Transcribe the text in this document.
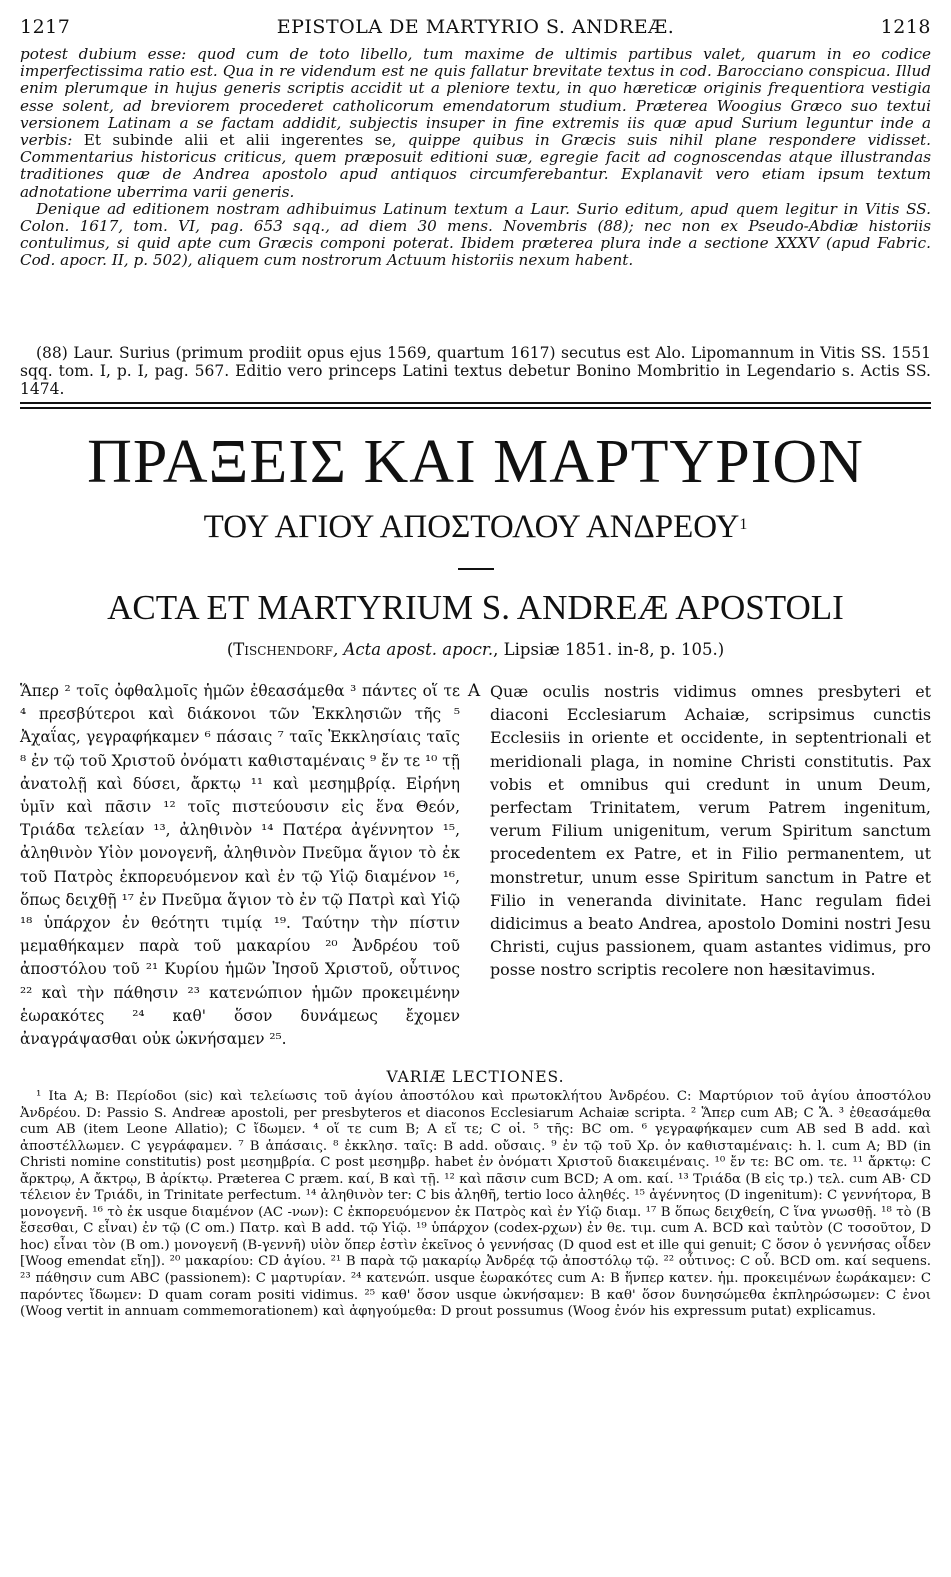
1217	EPISTOLA DE MARTYRIO S. ANDREÆ.	1218

potest dubium esse: quod cum de toto libello, tum maxime de ultimis partibus valet, quarum in eo codice imperfectissima ratio est. Qua in re videndum est ne quis fallatur brevitate textus in cod. Barocciano conspicua. Illud enim plerumque in hujus generis scriptis accidit ut a pleniore textu, in quo hæreticæ originis frequentiora vestigia esse solent, ad breviorem procederet catholicorum emendatorum studium. Præterea Woogius Græco suo textui versionem Latinam a se factam addidit, subjectis insuper in fine extremis iis quæ apud Surium leguntur inde a verbis: Et subinde alii et alii ingerentes se, quippe quibus in Græcis suis nihil plane respondere vidisset. Commentarius historicus criticus, quem præposuit editioni suæ, egregie facit ad cognoscendas atque illustrandas traditiones quæ de Andrea apostolo apud antiquos circumferebantur. Explanavit vero etiam ipsum textum adnotatione uberrima varii generis.

Denique ad editionem nostram adhibuimus Latinum textum a Laur. Surio editum, apud quem legitur in Vitis SS. Colon. 1617, tom. VI, pag. 653 sqq., ad diem 30 mens. Novembris (88); nec non ex Pseudo-Abdiæ historiis contulimus, si quid apte cum Græcis componi poterat. Ibidem præterea plura inde a sectione XXXV (apud Fabric. Cod. apocr. II, p. 502), aliquem cum nostrorum Actuum historiis nexum habent.

(88) Laur. Surius (primum prodiit opus ejus 1569, quartum 1617) secutus est Alo. Lipomannum in Vitis SS. 1551 sqq. tom. I, p. I, pag. 567. Editio vero princeps Latini textus debetur Bonino Mombritio in Legendario s. Actis SS. 1474.

ΠΡΑΞΕΙΣ ΚΑΙ ΜΑΡΤΥΡΙΟΝ
ΤΟΥ ΑΓΙΟΥ ΑΠΟΣΤΟΛΟΥ ΑΝΔΡΕΟΥ$^1$
ACTA ET MARTYRIUM S. ANDREÆ APOSTOLI
(Tischendorf, Acta apost. apocr., Lipsiæ 1851. in-8, p. 105.)

Ἅπερ ² τοῖς ὀφθαλμοῖς ἡμῶν ἐθεασάμεθα ³ πάντες οἵ τε ⁴ πρεσβύτεροι καὶ διάκονοι τῶν Ἐκκλησιῶν τῆς ⁵ Ἀχαΐας, γεγραφήκαμεν ⁶ πάσαις ⁷ ταῖς Ἐκκλησίαις ταῖς ⁸ ἐν τῷ τοῦ Χριστοῦ ὀνόματι καθισταμέναις ⁹ ἔν τε ¹⁰ τῇ ἀνατολῇ καὶ δύσει, ἄρκτῳ ¹¹ καὶ μεσημβρίᾳ. Εἰρήνη ὑμῖν καὶ πᾶσιν ¹² τοῖς πιστεύουσιν εἰς ἕνα Θεόν, Τριάδα τελείαν ¹³, ἀληθινὸν ¹⁴ Πατέρα ἀγέννητον ¹⁵, ἀληθινὸν Υἱὸν μονογενῆ, ἀληθινὸν Πνεῦμα ἅγιον τὸ ἐκ τοῦ Πατρὸς ἐκπορευόμενον καὶ ἐν τῷ Υἱῷ διαμένον ¹⁶, ὅπως δειχθῇ ¹⁷ ἐν Πνεῦμα ἅγιον τὸ ἐν τῷ Πατρὶ καὶ Υἱῷ ¹⁸ ὑπάρχον ἐν θεότητι τιμίᾳ ¹⁹. Ταύτην τὴν πίστιν μεμαθήκαμεν παρὰ τοῦ μακαρίου ²⁰ Ἀνδρέου τοῦ ἀποστόλου τοῦ ²¹ Κυρίου ἡμῶν Ἰησοῦ Χριστοῦ, οὗτινος ²² καὶ τὴν πάθησιν ²³ κατενώπιον ἡμῶν προκειμένην ἑωρακότες ²⁴ καθ' ὅσον δυνάμεως ἔχομεν ἀναγράψασθαι οὐκ ὠκνήσαμεν ²⁵.

A Quæ oculis nostris vidimus omnes presbyteri et diaconi Ecclesiarum Achaiæ, scripsimus cunctis Ecclesiis in oriente et occidente, in septentrionali et meridionali plaga, in nomine Christi constitutis. Pax vobis et omnibus qui credunt in unum Deum, perfectam Trinitatem, verum Patrem ingenitum, verum Filium unigenitum, verum Spiritum sanctum procedentem ex Patre, et in Filio permanentem, ut monstretur, unum esse Spiritum sanctum in Patre et Filio in veneranda divinitate. Hanc regulam fidei didicimus a beato Andrea, apostolo Domini nostri Jesu Christi, cujus passionem, quam astantes vidimus, pro posse nostro scriptis recolere non hæsitavimus.

VARIÆ LECTIONES.

¹ Ita A; B: Περίοδοι (sic) καὶ τελείωσις τοῦ ἁγίου ἀποστόλου καὶ πρωτοκλήτου Ἀνδρέου. C: Μαρτύριον τοῦ ἁγίου ἀποστόλου Ἀνδρέου. D: Passio S. Andreæ apostoli, per presbyteros et diaconos Ecclesiarum Achaiæ scripta. ² Ἅπερ cum AB; C Ἅ. ³ ἐθεασάμεθα cum AB (item Leone Allatio); C ἴδωμεν. ⁴ οἵ τε cum B; A εἴ τε; C οἱ. ⁵ τῆς: BC om. ⁶ γεγραφήκαμεν cum AB sed B add. καὶ ἀποστέλλωμεν. C γεγράφαμεν. ⁷ B ἁπάσαις. ⁸ ἐκκλησ. ταῖς: B add. οὔσαις. ⁹ ἐν τῷ τοῦ Χρ. ὀν καθισταμέναις: h. l. cum A; BD (in Christi nomine constitutis) post μεσημβρία. C post μεσημβρ. habet ἐν ὀνόματι Χριστοῦ διακειμέναις. ¹⁰ ἔν τε: BC om. τε. ¹¹ ἄρκτῳ: C ἄρκτρῳ, A ἄκτρῳ, B ἀρίκτῳ. Præterea C præm. καί, B καὶ τῇ. ¹² καὶ πᾶσιν cum BCD; A om. καί. ¹³ Τριάδα (B εἰς τρ.) τελ. cum AB· CD τέλειον ἐν Τριάδι, in Trinitate perfectum. ¹⁴ ἀληθινὸν ter: C bis ἀληθῆ, tertio loco ἀληθές. ¹⁵ ἀγέννητος (D ingenitum): C γεννήτορα, B μονογενῆ. ¹⁶ τὸ ἐκ usque διαμένον (AC -νων): C ἐκπορευόμενον ἐκ Πατρὸς καὶ ἐν Υἱῷ διαμ. ¹⁷ B ὅπως δειχθείη, C ἵνα γνωσθῇ. ¹⁸ τὸ (B ἔσεσθαι, C εἶναι) ἐν τῷ (C om.) Πατρ. καὶ B add. τῷ Υἱῷ. ¹⁹ ὑπάρχον (codex-ρχων) ἐν θε. τιμ. cum A. BCD καὶ ταὐτὸν (C τοσοῦτον, D hoc) εἶναι τὸν (B om.) μονογενῆ (B-γεννῆ) υἱὸν ὅπερ ἐστὶν ἐκεῖνος ὁ γεννήσας (D quod est et ille qui genuit; C ὅσον ὁ γεννήσας οἶδεν [Woog emendat εἴη]). ²⁰ μακαρίου: CD ἁγίου. ²¹ B παρὰ τῷ μακαρίῳ Ἀνδρέᾳ τῷ ἀποστόλῳ τῷ. ²² οὗτινος: C οὗ. BCD om. καί sequens. ²³ πάθησιν cum ABC (passionem): C μαρτυρίαν. ²⁴ κατενώπ. usque ἑωρακότες cum A: B ἥνπερ κατεν. ἡμ. προκειμένων ἑωράκαμεν: C παρόντες ἴδωμεν: D quam coram positi vidimus. ²⁵ καθ' ὅσον usque ὠκνήσαμεν: B καθ' ὅσον δυνησώμεθα ἐκπληρώσωμεν: C ἐνοι (Woog vertit in annuam commemorationem) καὶ ἀφηγούμεθα: D prout possumus (Woog ἐνόν his expressum putat) explicamus.
